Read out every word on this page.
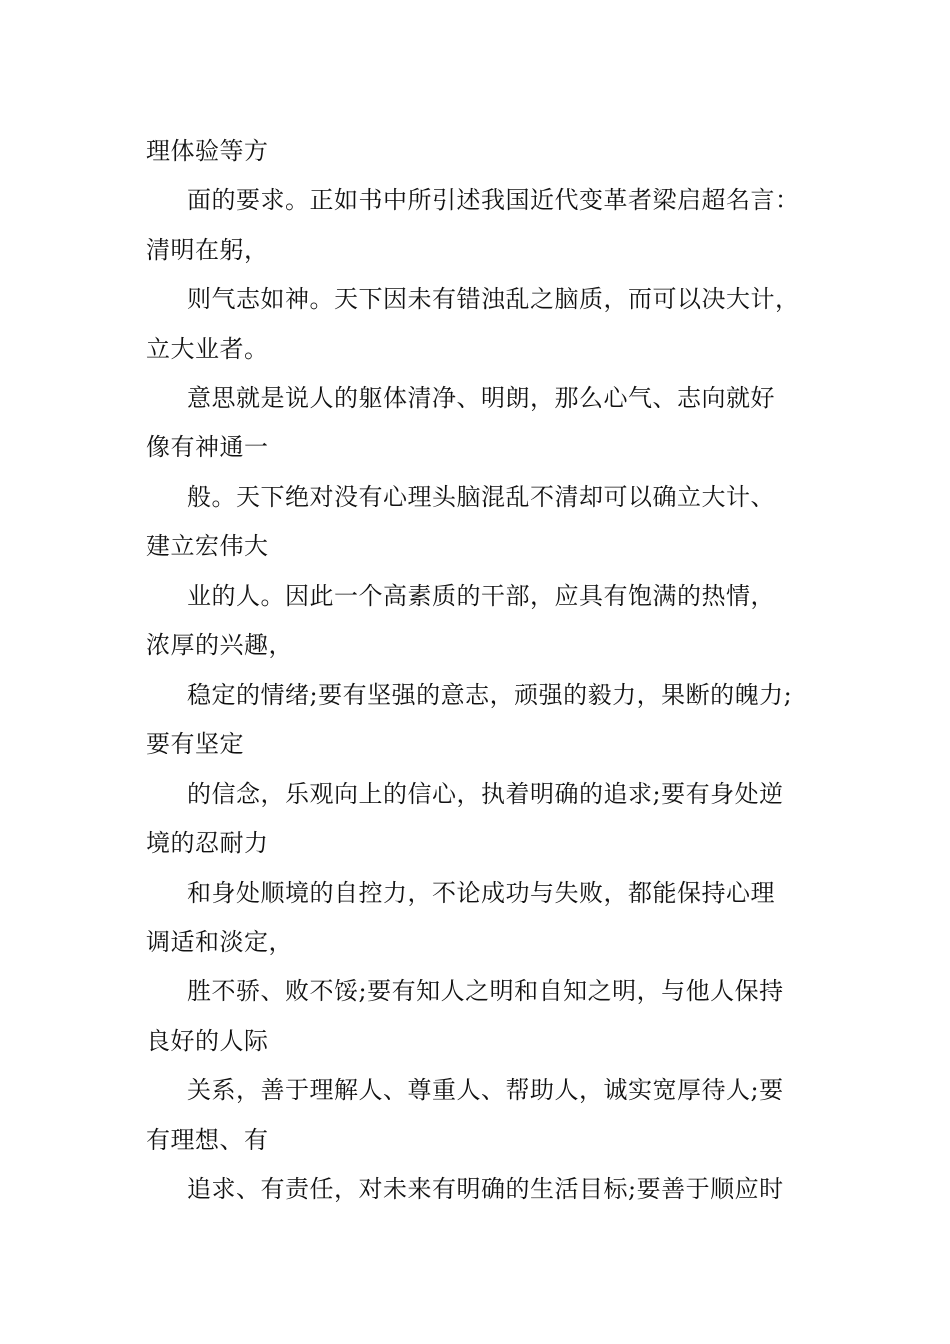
理体验等方
面的要求。正如书中所引述我国近代变革者梁启超名言：
清明在躬，
则气志如神。天下因未有错浊乱之脑质，而可以决大计，
立大业者。
意思就是说人的躯体清净、明朗，那么心气、志向就好
像有神通一
般。天下绝对没有心理头脑混乱不清却可以确立大计、
建立宏伟大
业的人。因此一个高素质的干部，应具有饱满的热情，
浓厚的兴趣，
稳定的情绪;要有坚强的意志，顽强的毅力，果断的魄力;
要有坚定
的信念，乐观向上的信心，执着明确的追求;要有身处逆
境的忍耐力
和身处顺境的自控力，不论成功与失败，都能保持心理
调适和淡定，
胜不骄、败不馁;要有知人之明和自知之明，与他人保持
良好的人际
关系，善于理解人、尊重人、帮助人，诚实宽厚待人;要
有理想、有
追求、有责任，对未来有明确的生活目标;要善于顺应时
